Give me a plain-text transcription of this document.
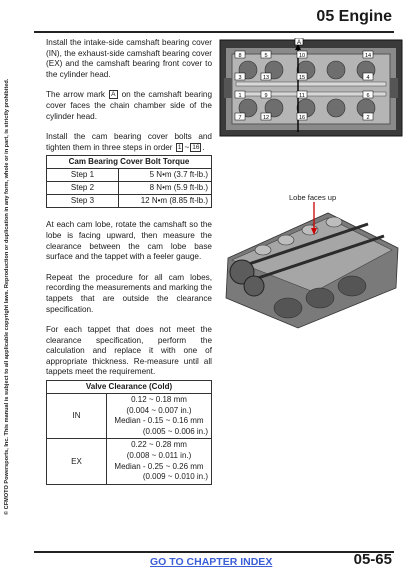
05 Engine
© CFMOTO Powersports, Inc. This manual is subject to all applicable copyright laws. Reproduction or duplication in any form, whole or in part, is strictly prohibited.

Install the intake-side camshaft bearing cover (IN), the exhaust-side camshaft bearing cover (EX) and the camshaft bearing front cover to the cylinder head.

The arrow mark A on the camshaft bearing cover faces the chain chamber side of the cylinder head.

Install the cam bearing cover bolts and tighten them in three steps in order 1 ~ 16 .

Cam Bearing Cover Bolt Torque	
Step 1	5 N•m (3.7 ft-lb.)
Step 2	8 N•m (5.9 ft-lb.)
Step 3	12 N•m (8.85 ft-lb.)

At each cam lobe, rotate the camshaft so the lobe is facing upward, then measure the clearance between the cam lobe base surface and the tappet with a feeler gauge.

Repeat the procedure for all cam lobes, recording the measurements and marking the tappets that are outside the clearance specification.

For each tappet that does not meet the clearance specification, perform the calculation and replace it with one of appropriate thickness. Re-measure until all tappets meet the requirement.

Valve Clearance (Cold)	
IN	0.12 ~ 0.18 mm
(0.004 ~ 0.007 in.)
Median - 0.15 ~ 0.16 mm
(0.005 ~ 0.006 in.)

EX	0.22 ~ 0.28 mm
(0.008 ~ 0.011 in.)
Median - 0.25 ~ 0.26 mm
(0.009 ~ 0.010 in.)
A
8	5	10	14
3	13	15	4
1	9	11	6
7	12	16	2
Lobe faces up
GO TO CHAPTER INDEX	05-65
